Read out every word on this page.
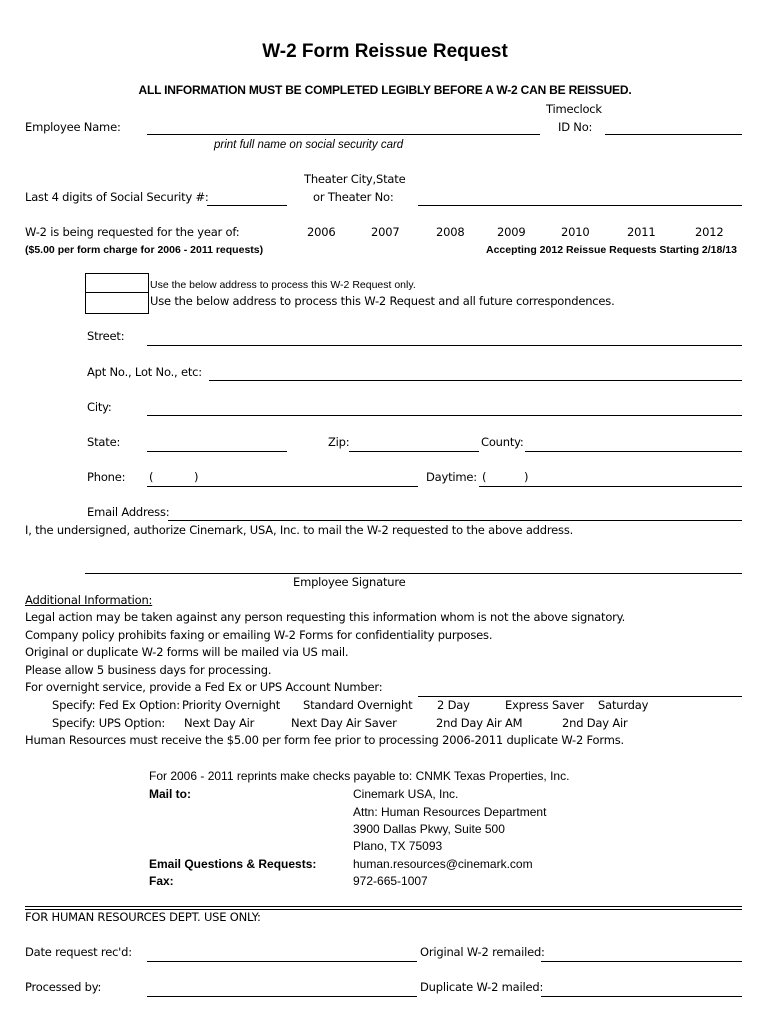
W-2 Form Reissue Request
ALL INFORMATION MUST BE COMPLETED LEGIBLY BEFORE A W-2 CAN BE REISSUED.
Timeclock
Employee Name:	ID No:
print full name on social security card
Theater City,State
Last 4 digits of Social Security #:	or Theater No:
W-2 is being requested for the year of:	2006	2007	2008	2009	2010	2011	2012
($5.00 per form charge for 2006 - 2011 requests)	Accepting 2012 Reissue Requests Starting 2/18/13
Use the below address to process this W-2 Request only.
Use the below address to process this W-2 Request and all future correspondences.
Street:
Apt No., Lot No., etc:
City:
State:	Zip:	County:
Phone: (	)	Daytime: (	)
Email Address:
I, the undersigned, authorize Cinemark, USA, Inc. to mail the W-2 requested to the above address.
Employee Signature
Additional Information:
Legal action may be taken against any person requesting this information whom is not the above signatory.
Company policy prohibits faxing or emailing W-2 Forms for confidentiality purposes.
Original or duplicate W-2 forms will be mailed via US mail.
Please allow 5 business days for processing.
For overnight service, provide a Fed Ex or UPS Account Number:
Specify: Fed Ex Option: Priority Overnight Standard Overnight 2 Day	Express Saver Saturday
Specify: UPS Option: Next Day Air	Next Day Air Saver	2nd Day Air AM	2nd Day Air
Human Resources must receive the $5.00 per form fee prior to processing 2006-2011 duplicate W-2 Forms.
For 2006 - 2011 reprints make checks payable to: CNMK Texas Properties, Inc.
Mail to:	Cinemark USA, Inc.
Attn: Human Resources Department
3900 Dallas Pkwy, Suite 500
Plano, TX 75093
Email Questions & Requests:	human.resources@cinemark.com
Fax:	972-665-1007
FOR HUMAN RESOURCES DEPT. USE ONLY:
Date request rec'd:	Original W-2 remailed:
Processed by:	Duplicate W-2 mailed:
